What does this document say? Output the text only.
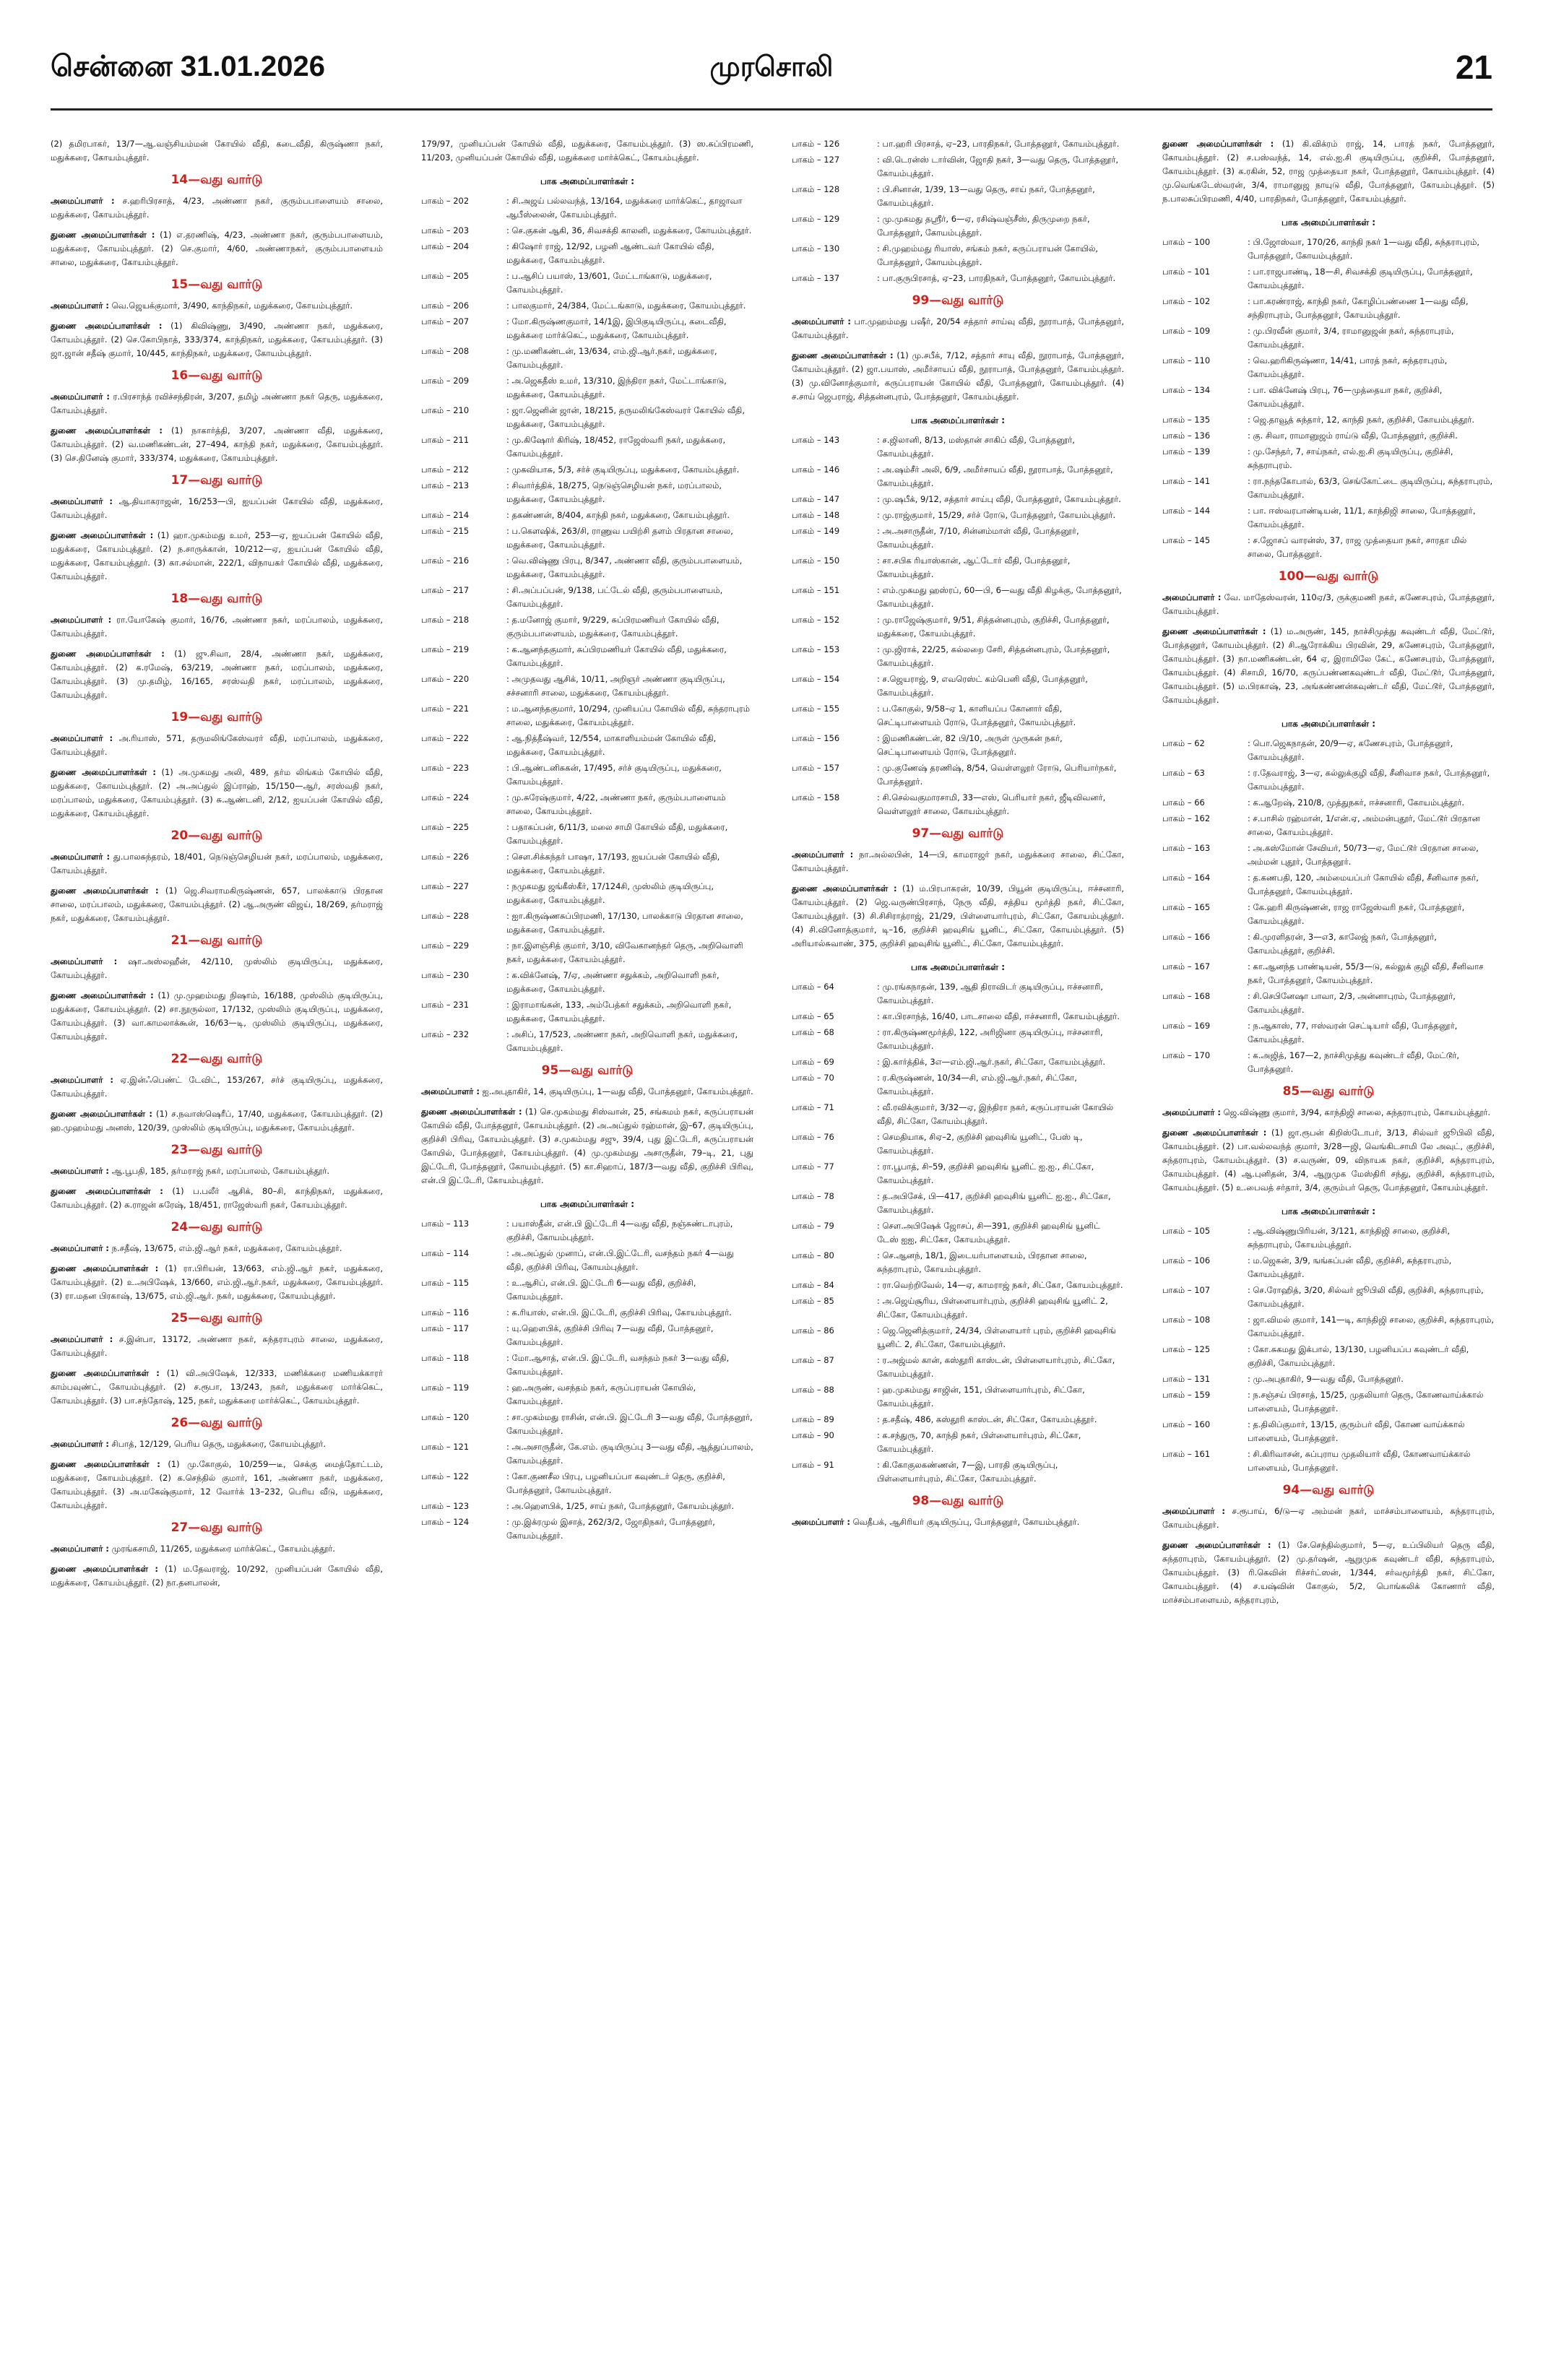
சென்னை 31.01.2026	முரசொலி	21

(2) தமிரபாகர், 13/7—ஆ.வஞ்சியம்மன் கோயில் வீதி, கடைவீதி, கிருஷ்ணா நகர், மதுக்கரை, கோயம்புத்தூர்.

14—வது வார்டு

அமைப்பாளர் : ச.ஹரிபிரசாத், 4/23, அண்ணா நகர், குரும்பபாளையம் சாலை, மதுக்கரை, கோயம்புத்தூர்.

துணை அமைப்பாளர்கள் : (1) எ.தரணிஷ், 4/23, அண்ணா நகர், குரும்பபாளையம், மதுக்கரை, கோயம்புத்தூர். (2) செ.குமார், 4/60, அண்ணாநகர், குரும்பபாளையம் சாலை, மதுக்கரை, கோயம்புத்தூர்.

15—வது வார்டு

அமைப்பாளர் : வெ.ஜெயக்குமார், 3/490, காந்திநகர், மதுக்கரை, கோயம்புத்தூர்.

துணை அமைப்பாளர்கள் : (1) கிவிஷ்ணு, 3/490, அண்ணா நகர், மதுக்கரை, கோயம்புத்தூர். (2) செ.கோபிநாத், 333/374, காந்திநகர், மதுக்கரை, கோயம்புத்தூர். (3) ஜா.ஜான் சதீஷ் குமார், 10/445, காந்திநகர், மதுக்கரை, கோயம்புத்தூர்.

16—வது வார்டு

அமைப்பாளர் : ர.பிரசாந்த் ரவிச்சந்திரன், 3/207, தமிழ் அண்ணா நகர் தெரு, மதுக்கரை, கோயம்புத்தூர்.

துணை அமைப்பாளர்கள் : (1) நாகார்த்தி, 3/207, அண்ணா வீதி, மதுக்கரை, கோயம்புத்தூர். (2) வ.மணிகண்டன், 27–494, காந்தி நகர், மதுக்கரை, கோயம்புத்தூர். (3) செ.தினேஷ் குமார், 333/374, மதுக்கரை, கோயம்புத்தூர்.

17—வது வார்டு

அமைப்பாளர் : ஆ.தியாகராஜன், 16/253—பி, ஐயப்பன் கோயில் வீதி, மதுக்கரை, கோயம்புத்தூர்.

துணை அமைப்பாளர்கள் : (1) ஹா.முகம்மது உமர், 253—ஏ, ஐயப்பன் கோயில் வீதி, மதுக்கரை, கோயம்புத்தூர். (2) ந.சாருக்கான், 10/212—ஏ, ஐயப்பன் கோயில் வீதி, மதுக்கரை, கோயம்புத்தூர். (3) கா.சல்மான், 222/1, விநாயகர் கோயில் வீதி, மதுக்கரை, கோயம்புத்தூர்.

18—வது வார்டு

அமைப்பாளர் : ரா.யோகேஷ் குமார், 16/76, அண்ணா நகர், மரப்பாலம், மதுக்கரை, கோயம்புத்தூர்.

துணை அமைப்பாளர்கள் : (1) ஜு.சிவா, 28/4, அண்ணா நகர், மதுக்கரை, கோயம்புத்தூர். (2) க.ரமேஷ், 63/219, அண்ணா நகர், மரப்பாலம், மதுக்கரை, கோயம்புத்தூர். (3) மு.தமிழ், 16/165, சரஸ்வதி நகர், மரப்பாலம், மதுக்கரை, கோயம்புத்தூர்.

19—வது வார்டு

அமைப்பாளர் : அ.ரியாஸ், 571, தருமலிங்கேஸ்வரர் வீதி, மரப்பாலம், மதுக்கரை, கோயம்புத்தூர்.

துணை அமைப்பாளர்கள் : (1) அ.முகமது அலி, 489, தர்ம லிங்கம் கோயில் வீதி, மதுக்கரை, கோயம்புத்தூர். (2) அ.அப்துல் இப்ராஹ், 15/150—ஆர், சரஸ்வதி நகர், மரப்பாலம், மதுக்கரை, கோயம்புத்தூர். (3) சு.ஆண்டனி, 2/12, ஐயப்பன் கோயில் வீதி, மதுக்கரை, கோயம்புத்தூர்.

20—வது வார்டு

அமைப்பாளர் : து.பாலசுந்தரம், 18/401, நெடுஞ்செழியன் நகர், மரப்பாலம், மதுக்கரை, கோயம்புத்தூர்.

துணை அமைப்பாளர்கள் : (1) ஜெ.சிவராமகிருஷ்ணன், 657, பாலக்காடு பிரதான சாலை, மரப்பாலம், மதுக்கரை, கோயம்புத்தூர். (2) ஆ.அருண் விஜய், 18/269, தர்மராஜ் நகர், மதுக்கரை, கோயம்புத்தூர்.

21—வது வார்டு

அமைப்பாளர் : ஷா.அஸ்லஹீன், 42/110, முஸ்லிம் குடியிருப்பு, மதுக்கரை, கோயம்புத்தூர்.

துணை அமைப்பாளர்கள் : (1) மு.முஹம்மது நிஷாம், 16/188, முஸ்லிம் குடியிருப்பு, மதுக்கரை, கோயம்புத்தூர். (2) சா.நூருல்லா, 17/132, முஸ்லிம் குடியிருப்பு, மதுக்கரை, கோயம்புத்தூர். (3) வா.காமலாக்கூன், 16/63—டி, முஸ்லிம் குடியிருப்பு, மதுக்கரை, கோயம்புத்தூர்.

22—வது வார்டு

அமைப்பாளர் : ஏ.இன்ஃபெண்ட் டேவிட், 153/267, சர்ச் குடியிருப்பு, மதுக்கரை, கோயம்புத்தூர்.

துணை அமைப்பாளர்கள் : (1) ச.நவாஸ்ஷெரீப், 17/40, மதுக்கரை, கோயம்புத்தூர். (2) ஹ.முஹம்மது அனஸ், 120/39, முஸ்லிம் குடியிருப்பு, மதுக்கரை, கோயம்புத்தூர்.

23—வது வார்டு

அமைப்பாளர் : ஆ.பூபதி, 185, தர்மராஜ் நகர், மரப்பாலம், கோயம்புத்தூர்.

துணை அமைப்பாளர்கள் : (1) ப.பலீர் ஆசிக், 80–சி, காந்திநகர், மதுக்கரை, கோயம்புத்தூர். (2) சு.ராஜன் சுரேஷ், 18/451, ராஜேஸ்வரி நகர், கோயம்புத்தூர்.

24—வது வார்டு

அமைப்பாளர் : ந.சதீஷ், 13/675, எம்.ஜி.ஆர் நகர், மதுக்கரை, கோயம்புத்தூர்.

துணை அமைப்பாளர்கள் : (1) ரா.பிரியன், 13/663, எம்.ஜி.ஆர் நகர், மதுக்கரை, கோயம்புத்தூர். (2) உ.அபிஷேக், 13/660, எம்.ஜி.ஆர்.நகர், மதுக்கரை, கோயம்புத்தூர். (3) ரா.மதன பிரகாஷ், 13/675, எம்.ஜி.ஆர். நகர், மதுக்கரை, கோயம்புத்தூர்.

25—வது வார்டு

அமைப்பாளர் : ச.இன்பா, 13172, அண்ணா நகர், சுந்தராபுரம் சாலை, மதுக்கரை, கோயம்புத்தூர்.

துணை அமைப்பாளர்கள் : (1) வி.அபிஷேக், 12/333, மணிக்கரை மணியக்காரர் காம்பவுண்ட், கோயம்புத்தூர். (2) ச.ரூபா, 13/243, நகர், மதுக்கரை மார்க்கெட், கோயம்புத்தூர். (3) பா.சந்தோஷ், 125, நகர், மதுக்கரை மார்க்கெட், கோயம்புத்தூர்.

26—வது வார்டு

அமைப்பாளர் : சிபாத், 12/129, பெரிய தெரு, மதுக்கரை, கோயம்புத்தூர்.

துணை அமைப்பாளர்கள் : (1) மு.கோகுல், 10/259—டீ, செக்கு மைத்தோட்டம், மதுக்கரை, கோயம்புத்தூர். (2) க.செந்தில் குமார், 161, அண்ணா நகர், மதுக்கரை, கோயம்புத்தூர். (3) அ.மகேஷ்குமார், 12 வோர்க் 13–232, பெரிய வீடு, மதுக்கரை, கோயம்புத்தூர்.

27—வது வார்டு

அமைப்பாளர் : முரங்கசாமி, 11/265, மதுக்கரை மார்க்கெட், கோயம்புத்தூர்.

துணை அமைப்பாளர்கள் : (1) ம.தேவராஜ், 10/292, முனியப்பன் கோயில் வீதி, மதுக்கரை, கோயம்புத்தூர். (2) நா.தனபாலன்,

179/97, முனியப்பன் கோயில் வீதி, மதுக்கரை, கோயம்புத்தூர். (3) ஸ.சுப்பிரமணி, 11/203, முனியப்பன் கோயில் வீதி, மதுக்கரை மார்க்கெட், கோயம்புத்தூர்.

பாக அமைப்பாளர்கள் :
பாகம் – 202	: சி.அஜய் பல்லவந்த், 13/164, மதுக்கரை மார்க்கெட், தாஜாவா ஆபீஸ்லைன், கோயம்புத்தூர்.
பாகம் – 203	: செ.குகன் ஆகி, 36, சிவசக்தி காலனி, மதுக்கரை, கோயம்புத்தூர்.
பாகம் – 204	: கிஷோர் ராஜ், 12/92, பழனி ஆண்டவர் கோயில் வீதி, மதுக்கரை, கோயம்புத்தூர்.
பாகம் – 205	: ப.ஆசிப் பயாஸ், 13/601, மேட்டாங்காடு, மதுக்கரை, கோயம்புத்தூர்.
பாகம் – 206	: பாலகுமார், 24/384, மேட்டங்காடு, மதுக்கரை, கோயம்புத்தூர்.
பாகம் – 207	: மோ.கிருஷ்ணகுமார், 14/1இ, இபிகுடியிருப்பு, கடைவீதி, மதுக்கரை மார்க்கெட், மதுக்கரை, கோயம்புத்தூர்.
பாகம் – 208	: மு.மணிகண்டன், 13/634, எம்.ஜி.ஆர்.நகர், மதுக்கரை, கோயம்புத்தூர்.
பாகம் – 209	: அ.ஜெகதீஸ் உமர், 13/310, இந்திரா நகர், மேட்டாங்காடு, மதுக்கரை, கோயம்புத்தூர்.
பாகம் – 210	: ஜா.ஜெனின் ஜான், 18/215, தருமலிங்கேஸ்வரர் கோயில் வீதி, மதுக்கரை, கோயம்புத்தூர்.
பாகம் – 211	: மு.கிஷோர் கிரிஷ், 18/452, ராஜேஸ்வரி நகர், மதுக்கரை, கோயம்புத்தூர்.
பாகம் – 212	: முகவியாசு, 5/3, சர்ச் குடியிருப்பு, மதுக்கரை, கோயம்புத்தூர்.
பாகம் – 213	: சிவார்த்திக், 18/275, நெடுஞ்செழியன் நகர், மரப்பாலம், மதுக்கரை, கோயம்புத்தூர்.
பாகம் – 214	: தகண்ணன், 8/404, காந்தி நகர், மதுக்கரை, கோயம்புத்தூர்.
பாகம் – 215	: ப.கௌஷிக், 263/சி, ராணுவ பயிற்சி தளம் பிரதான சாலை, மதுக்கரை, கோயம்புத்தூர்.
பாகம் – 216	: வெ.விஷ்ணு பிரபு, 8/347, அண்ணா வீதி, குரும்பபாளையம், மதுக்கரை, கோயம்புத்தூர்.
பாகம் – 217	: சி.அப்பப்பன், 9/138, பட்டேல் வீதி, குரும்பபாளையம், கோயம்புத்தூர்.
பாகம் – 218	: த.மனோஜ் குமார், 9/229, சுப்பிரமணியர் கோயில் வீதி, குரும்பபாளையம், மதுக்கரை, கோயம்புத்தூர்.
பாகம் – 219	: க.ஆனந்தகுமார், சுப்பிரமணியர் கோயில் வீதி, மதுக்கரை, கோயம்புத்தூர்.
பாகம் – 220	: அமுதவது ஆசிக், 10/11, அறிஞர் அண்ணா குடியிருப்பு, சச்சனாரி சாலை, மதுக்கரை, கோயம்புத்தூர்.
பாகம் – 221	: ம.ஆனந்தகுமார், 10/294, முனியப்ப கோயில் வீதி, சுந்தராபுரம் சாலை, மதுக்கரை, கோயம்புத்தூர்.
பாகம் – 222	: ஆ.நித்தீஷ்வர், 12/554, மாகாளியம்மன் கோயில் வீதி, மதுக்கரை, கோயம்புத்தூர்.
பாகம் – 223	: பி.ஆண்டனிசுகன், 17/495, சர்ச் குடியிருப்பு, மதுக்கரை, கோயம்புத்தூர்.
பாகம் – 224	: மு.சுரேஷ்குமார், 4/22, அண்ணா நகர், குரும்பபாளையம் சாலை, கோயம்புத்தூர்.
பாகம் – 225	: பதாகப்பன், 6/11/3, மலை சாமி கோயில் வீதி, மதுக்கரை, கோயம்புத்தூர்.
பாகம் – 226	: சௌ.சிக்கந்தர் பாஷா, 17/193, ஐயப்பன் கோயில் வீதி, மதுக்கரை, கோயம்புத்தூர்.
பாகம் – 227	: நமுகமது ஜங்கீஸ்கீர், 17/124சி, முஸ்லிம் குடியிருப்பு, மதுக்கரை, கோயம்புத்தூர்.
பாகம் – 228	: ஐா.கிருஷ்ணசுப்பிரமணி, 17/130, பாலக்காடு பிரதான சாலை, மதுக்கரை, கோயம்புத்தூர்.
பாகம் – 229	: நா.இளஞ்சித் குமார், 3/10, விவேகானந்தர் தெரு, அறிவொளி நகர், மதுக்கரை, கோயம்புத்தூர்.
பாகம் – 230	: க.விக்னேஷ், 7/ஏ, அண்ணா சதுக்கம், அறிவொளி நகர், மதுக்கரை, கோயம்புத்தூர்.
பாகம் – 231	: இராமாங்கன், 133, அம்பேத்கர் சதுக்கம், அறிவொளி நகர், மதுக்கரை, கோயம்புத்தூர்.
பாகம் – 232	: அசிப், 17/523, அண்ணா நகர், அறிவொளி நகர், மதுக்கரை, கோயம்புத்தூர்.
95—வது வார்டு

அமைப்பாளர் : ஐ.அபுதாகிர், 14, குடியிருப்பு, 1—வது வீதி, போத்தனூர், கோயம்புத்தூர்.

துணை அமைப்பாளர்கள் : (1) செ.முகம்மது சிஸ்வான், 25, சங்கமம் நகர், கருப்பராயன் கோயில் வீதி, போத்தனூர், கோயம்புத்தூர். (2) அ.அப்துல் ரஹ்மான், இ–67, குடியிருப்பு, குறிச்சி பிரிவு, கோயம்புத்தூர். (3) ச.முகம்மது சஜு, 39/4, புது இட்டேரி, கருப்பராயன் கோயில், போத்தனூர், கோயம்புத்தூர். (4) மு.முகம்மது அசாருதீன், 79–டி, 21, புது இட்டேரி, போத்தனூர், கோயம்புத்தூர். (5) கா.சிஹாப், 187/3—வது வீதி, குறிச்சி பிரிவு, என்.பி இட்டேரி, கோயம்புத்தூர்.

பாக அமைப்பாளர்கள் :
பாகம் – 113	: பயாஸ்தீன், என்.பி இட்டேரி 4—வது வீதி, நஞ்சுண்டாபுரம், குறிச்சி, கோயம்புத்தூர்.
பாகம் – 114	: அ.அப்துல் முனாப், என்.பி.இட்டேரி, வசந்தம் நகர் 4—வது வீதி, குறிச்சி பிரிவு, கோயம்புத்தூர்.
பாகம் – 115	: உ.ஆசிப், என்.பி. இட்டேரி 6—வது வீதி, குறிச்சி, கோயம்புத்தூர்.
பாகம் – 116	: க.ரியாஸ், என்.பி. இட்டேரி, குறிச்சி பிரிவு, கோயம்புத்தூர்.
பாகம் – 117	: யு.ஹௌபிக், குறிச்சி பிரிவு 7—வது வீதி, போத்தனூர், கோயம்புத்தூர்.
பாகம் – 118	: மோ.ஆசாத், என்.பி. இட்டேரி, வசந்தம் நகர் 3—வது வீதி, கோயம்புத்தூர்.
பாகம் – 119	: ஹ.அருண், வசந்தம் நகர், கருப்பராயன் கோயில், கோயம்புத்தூர்.
பாகம் – 120	: சா.முகம்மது ராசின், என்.பி. இட்டேரி 3—வது வீதி, போத்தனூர், கோயம்புத்தூர்.
பாகம் – 121	: அ.அசாருதீன், கே.எம். குடியிருப்பு 3—வது வீதி, ஆத்துப்பாலம், கோயம்புத்தூர்.
பாகம் – 122	: கோ.குணசீல பிரபு, பழனியப்பா கவுண்டர் தெரு, குறிச்சி, போத்தனூர், கோயம்புத்தூர்.
பாகம் – 123	: அ.ஹௌபிக், 1/25, சாய் நகர், போத்தனூர், கோயம்புத்தூர்.
பாகம் – 124	: மு.இக்ரமுல் இசாத், 262/3/2, ஜோதிநகர், போத்தனூர், கோயம்புத்தூர்.
பாகம் – 126	: பா.ஹரி பிரசாத், ஏ–23, பாரதிநகர், போத்தனூர், கோயம்புத்தூர்.
பாகம் – 127	: வி.டெரன்ஸ் டார்வின், ஜோதி நகர், 3—வது தெரு, போத்தனூர், கோயம்புத்தூர்.
பாகம் – 128	: பி.சினான், 1/39, 13—வது தெரு, சாய் நகர், போத்தனூர், கோயம்புத்தூர்.
பாகம் – 129	: மு.முகமது தஸ்ரீர், 6—ஏ, ரசிஷ்வஞ்சீஸ், திருமுறை நகர், போத்தனூர், கோயம்புத்தூர்.
பாகம் – 130	: சி.முஹம்மது ரியாஸ், சங்கம் நகர், கருப்பராயன் கோயில், போத்தனூர், கோயம்புத்தூர்.
பாகம் – 137	: பா.குருபிரசாத், ஏ–23, பாரதிநகர், போத்தனூர், கோயம்புத்தூர்.
99—வது வார்டு

அமைப்பாளர் : பா.முஹம்மது பஷீர், 20/54 சத்தார் சாய்வு வீதி, நூராபாத், போத்தனூர், கோயம்புத்தூர்.

துணை அமைப்பாளர்கள் : (1) மு.சபீக், 7/12, சத்தார் சாயு வீதி, நூராபாத், போத்தனூர், கோயம்புத்தூர். (2) ஜா.பயாஸ், அமீர்சாயப் வீதி, நூராபாத், போத்தனூர், கோயம்புத்தூர். (3) மு.வினோத்குமார், கருப்பராயன் கோயில் வீதி, போத்தனூர், கோயம்புத்தூர். (4) ச.சாய் ஜெபராஜ், சித்தன்னபுரம், போத்தனூர், கோயம்புத்தூர்.

பாக அமைப்பாளர்கள் :
பாகம் – 143	: ச.ஜிலானி, 8/13, மஸ்தான் சாகிப் வீதி, போத்தனூர், கோயம்புத்தூர்.
பாகம் – 146	: அ.ஷம்சீர் அலி, 6/9, அமீர்சாயப் வீதி, நூராபாத், போத்தனூர், கோயம்புத்தூர்.
பாகம் – 147	: மு.ஷபீக், 9/12, சத்தார் சாய்பு வீதி, போத்தனூர், கோயம்புத்தூர்.
பாகம் – 148	: மு.ராஜ்குமார், 15/29, சர்ச் ரோடு, போத்தனூர், கோயம்புத்தூர்.
பாகம் – 149	: அ.அசாருதீன், 7/10, சின்னம்மாள் வீதி, போத்தனூர், கோயம்புத்தூர்.
பாகம் – 150	: சா.சபிக ரியாஸ்கான், ஆட்டோர் வீதி, போத்தனூர், கோயம்புத்தூர்.
பாகம் – 151	: எம்.முகமது ஹஸ்ரப், 60—பி, 6—வது வீதி கிழக்கு, போத்தனூர், கோயம்புத்தூர்.
பாகம் – 152	: மு.ராஜேஷ்குமார், 9/51, சித்தன்னபுரம், குறிச்சி, போத்தனூர், மதுக்கரை, கோயம்புத்தூர்.
பாகம் – 153	: மு.ஜிராக், 22/25, கல்லறை சேரி, சித்தன்னபுரம், போத்தனூர், கோயம்புத்தூர்.
பாகம் – 154	: ச.ஜெயராஜ், 9, எவரெஸ்ட் கம்பெனி வீதி, போத்தனூர், கோயம்புத்தூர்.
பாகம் – 155	: ப.கோகுல், 9/58–ஏ 1, காளியப்ப கோனார் வீதி, செட்டிபாளையம் ரோடு, போத்தனூர், கோயம்புத்தூர்.
பாகம் – 156	: இமணிகண்டன், 82 பி/10, அருள் முருகன் நகர், செட்டிபாளையம் ரோடு, போத்தனூர்.
பாகம் – 157	: மு.குணேஷ் தரணிஷ், 8/54, வெள்ளலூர் ரோடு, பெரியார்நகர், போத்தனூர்.
பாகம் – 158	: சி.செல்வகுமாரசாமி, 33—எஸ், பெரியார் நகர், ஜீடிவிவனர், வெள்ளலூர் சாலை, கோயம்புத்தூர்.
97—வது வார்டு

அமைப்பாளர் : நா.அல்லபின், 14—பி, காமராஜர் நகர், மதுக்கரை சாலை, சிட்கோ, கோயம்புத்தூர்.

துணை அமைப்பாளர்கள் : (1) ம.பிரபாகரன், 10/39, பியூன் குடியிருப்பு, ஈச்சனாரி, கோயம்புத்தூர். (2) ஜெ.வருண்பிரசாந், நேரு வீதி, சத்திய மூர்த்தி நகர், சிட்கோ, கோயம்புத்தூர். (3) சி.சிசிராத்ராஜ், 21/29, பிள்ளையார்புரம், சிட்கோ, கோயம்புத்தூர். (4) சி.வினோத்குமார், டி–16, குறிச்சி ஹவுசிங் யூனிட், சிட்கோ, கோயம்புத்தூர். (5) அரியால்சுவாண், 375, குறிச்சி ஹவுசிங் யூனிட், சிட்கோ, கோயம்புத்தூர்.

பாக அமைப்பாளர்கள் :
பாகம் – 64	: மு.ரங்கநாதன், 139, ஆதி திராவிடர் குடியிருப்பு, ஈச்சனாரி, கோயம்புத்தூர்.
பாகம் – 65	: கா.பிரசாந்த், 16/40, பாடசாலை வீதி, ஈச்சனாரி, கோயம்புத்தூர்.
பாகம் – 68	: ரா.கிருஷ்ணமூர்த்தி, 122, அரிஜினா குடியிருப்பு, ஈச்சனாரி, கோயம்புத்தூர்.
பாகம் – 69	: இ.கார்த்திக், 3எ—எம்.ஜி.ஆர்.நகர், சிட்கோ, கோயம்புத்தூர்.
பாகம் – 70	: ர.கிருஷ்ணன், 10/34—சி, எம்.ஜி.ஆர்.நகர், சிட்கோ, கோயம்புத்தூர்.
பாகம் – 71	: வீ.ரவிக்குமார், 3/32—ஏ, இந்திரா நகர், கருப்பராயன் கோயில் வீதி, சிட்கோ, கோயம்புத்தூர்.
பாகம் – 76	: செமதியாசு, சிஏ–2, குறிச்சி ஹவுசிங் யூனிட், பேஸ் டி, கோயம்புத்தூர்.
பாகம் – 77	: ரா.பூபாத், சி–59, குறிச்சி ஹவுசிங் யூனிட் ஐ.ஐ., சிட்கோ, கோயம்புத்தூர்.
பாகம் – 78	: த.அபிசேக், பி—417, குறிச்சி ஹவுசிங் யூனிட் ஐ.ஐ., சிட்கோ, கோயம்புத்தூர்.
பாகம் – 79	: சௌ.அபிஷேக் ஜோசப், சி—391, குறிச்சி ஹவுசிங் யூனிட் டேஸ் ஐஐ, சிட்கோ, கோயம்புத்தூர்.
பாகம் – 80	: செ.ஆனந், 18/1, இடையர்பாளையம், பிரதான சாலை, சுந்தராபுரம், கோயம்புத்தூர்.
பாகம் – 84	: ரா.வெற்றிவேல், 14—ஏ, காமராஜ் நகர், சிட்கோ, கோயம்புத்தூர்.
பாகம் – 85	: அ.ஜெய்சூரிய, பிள்ளையார்புரம், குறிச்சி ஹவுசிங் யூனிட் 2, சிட்கோ, கோயம்புத்தூர்.
பாகம் – 86	: ஜெ.ஜெனித்குமார், 24/34, பிள்ளையார் புரம், குறிச்சி ஹவுசிங் யூனிட் 2, சிட்கோ, கோயம்புத்தூர்.
பாகம் – 87	: ர.அஜ்மல் கான், கஸ்தூரி காஸ்டன், பிள்ளையார்புரம், சிட்கோ, கோயம்புத்தூர்.
பாகம் – 88	: ஹ.முகம்மது சாஜின், 151, பிள்ளையார்புரம், சிட்கோ, கோயம்புத்தூர்.
பாகம் – 89	: த.சதீஷ், 486, கஸ்தூரி காஸ்டன், சிட்கோ, கோயம்புத்தூர்.
பாகம் – 90	: க.சந்துரு, 70, காந்தி நகர், பிள்ளையார்புரம், சிட்கோ, கோயம்புத்தூர்.
பாகம் – 91	: கி.கோகுலகண்ணன், 7—இ, பாரதி குடியிருப்பு, பிள்ளையார்புரம், சிட்கோ, கோயம்புத்தூர்.
98—வது வார்டு

அமைப்பாளர் : வெதீபக், ஆசிரியர் குடியிருப்பு, போத்தனூர், கோயம்புத்தூர்.

துணை அமைப்பாளர்கள் : (1) கி.விக்ரம் ராஜ், 14, பாரத் நகர், போத்தனூர், கோயம்புத்தூர். (2) ச.பஸ்வந்த், 14, எல்.ஐ.சி குடியிருப்பு, குறிச்சி, போத்தனூர், கோயம்புத்தூர். (3) க.ரகின், 52, ராஜ முத்தையா நகர், போத்தனூர், கோயம்புத்தூர். (4) மு.வெங்கடேஸ்வரன், 3/4, ராமானுஜ நாயுடு வீதி, போத்தனூர், கோயம்புத்தூர். (5) ந.பாலசுப்பிரமணி, 4/40, பாரதிநகர், போத்தனூர், கோயம்புத்தூர்.

பாக அமைப்பாளர்கள் :
பாகம் – 100	: பி.ஜோஸ்வா, 170/26, காந்தி நகர் 1—வது வீதி, சுந்தராபுரம், போத்தனூர், கோயம்புத்தூர்.
பாகம் – 101	: பா.ராஜபாண்டி, 18—சி, சிவசக்தி குடியிருப்பு, போத்தனூர், கோயம்புத்தூர்.
பாகம் – 102	: பா.கரண்ராஜ், காந்தி நகர், கோழிப்பண்ணை 1—வது வீதி, சந்திராபுரம், போத்தனூர், கோயம்புத்தூர்.
பாகம் – 109	: மு.பிரவீன் குமார், 3/4, ராமானுஜன் நகர், சுந்தராபுரம், கோயம்புத்தூர்.
பாகம் – 110	: வெ.ஹரிகிருஷ்ணா, 14/41, பாரத் நகர், சுந்தராபுரம், கோயம்புத்தூர்.
பாகம் – 134	: பா. விக்னேஷ் பிரபு, 76—முத்தையா நகர், குறிச்சி, கோயம்புத்தூர்.
பாகம் – 135	: ஜெ.தாவூத் சுந்தார், 12, காந்தி நகர், குறிச்சி, கோயம்புத்தூர்.
பாகம் – 136	: கு. சிவா, ராமானுஜம் ராய்டு வீதி, போத்தனூர், குறிச்சி.
பாகம் – 139	: மு.சேந்தர், 7, சாய்நகர், எல்.ஐ.சி குடியிருப்பு, குறிச்சி, சுந்தராபுரம்.
பாகம் – 141	: ரா.நந்தகோபால், 63/3, செங்கோட்டை குடியிருப்பு, சுந்தராபுரம், கோயம்புத்தூர்.
பாகம் – 144	: பா. ஈஸ்வரபாண்டியன், 11/1, காந்திஜி சாலை, போத்தனூர், கோயம்புத்தூர்.
பாகம் – 145	: ச.ஜோசப் வாரன்ஸ், 37, ராஜ முத்தையா நகர், சாரதா மில் சாலை, போத்தனூர்.
100—வது வார்டு

அமைப்பாளர் : வே. மாதேஸ்வரன், 110ஏ/3, ருக்குமணி நகர், கணேசபுரம், போத்தனூர், கோயம்புத்தூர்.

துணை அமைப்பாளர்கள் : (1) ம.அருண், 145, நாச்சிமுத்து கவுண்டர் வீதி, மேட்டூர், போத்தனூர், கோயம்புத்தூர். (2) சி.ஆரோக்கிய பிரவின், 29, கணேசபுரம், போத்தனூர், கோயம்புத்தூர். (3) நா.மணிகண்டன், 64 ஏ, இராமிலே கேட், கணேசபுரம், போத்தனூர், கோயம்புத்தூர். (4) சிசாமி, 16/70, கருப்பண்ணகவுண்டர் வீதி, மேட்டூர், போத்தனூர், கோயம்புத்தூர். (5) ம.பிரகாஷ், 23, அங்கண்ணன்கவுண்டர் வீதி, மேட்டூர், போத்தனூர், கோயம்புத்தூர்.

பாக அமைப்பாளர்கள் :
பாகம் – 62	: பொ.ஜெகநாதன், 20/9—ஏ, கணேசபுரம், போத்தனூர், கோயம்புத்தூர்.
பாகம் – 63	: ர.தேவராஜ், 3—ஏ, கல்லுக்குழி வீதி, சீனிவாச நகர், போத்தனூர், கோயம்புத்தூர்.
பாகம் – 66	: க.ஆறேஷ், 210/8, முத்துநகர், ஈச்சனாரி, கோயம்புத்தூர்.
பாகம் – 162	: ச.பாசில் ரஹ்மான், 1/என்.ஏ, அம்மன்புதூர், மேட்டூர் பிரதான சாலை, கோயம்புத்தூர்.
பாகம் – 163	: அ.கஸ்மோன் சேவியர், 50/73—ஏ, மேட்டூர் பிரதான சாலை, அம்மன் புதூர், போத்தனூர்.
பாகம் – 164	: த.கணபதி, 120, அம்மையப்பர் கோயில் வீதி, சீனிவாச நகர், போத்தனூர், கோயம்புத்தூர்.
பாகம் – 165	: கே.ஹரி கிருஷ்ணன், ராஜ ராஜேஸ்வரி நகர், போத்தனூர், கோயம்புத்தூர்.
பாகம் – 166	: கி.முரளிதரன், 3—எ3, காலேஜ் நகர், போத்தனூர், கோயம்புத்தூர், குறிச்சி.
பாகம் – 167	: கா.ஆனந்த பாண்டியன், 55/3—டு, கல்லுக் குழி வீதி, சீனிவாச நகர், போத்தனூர், கோயம்புத்தூர்.
பாகம் – 168	: சி.செபினேஷா பாவா, 2/3, அன்னாபுரம், போத்தனூர், கோயம்புத்தூர்.
பாகம் – 169	: ந.ஆகாஸ், 77, ஈஸ்வரன் செட்டியார் வீதி, போத்தனூர், கோயம்புத்தூர்.
பாகம் – 170	: க.அஜித், 167—2, நாச்சிமுத்து கவுண்டர் வீதி, மேட்டூர், போத்தனூர்.
85—வது வார்டு

அமைப்பாளர் : ஜெ.விஷ்ணு குமார், 3/94, காந்திஜி சாலை, சுந்தராபுரம், கோயம்புத்தூர்.

துணை அமைப்பாளர்கள் : (1) ஜா.ரூபன் கிறிஸ்டோபர், 3/13, சில்வர் ஜூபிலி வீதி, கோயம்புத்தூர். (2) பா.வல்லவந்த் குமார், 3/28—ஜி, வெங்கிடசாமி லே அவுட், குறிச்சி, சுந்தராபுரம், கோயம்புத்தூர். (3) ச.வருண், 09, விநாயக நகர், குறிச்சி, சுந்தராபுரம், கோயம்புத்தூர். (4) ஆ.புனிதன், 3/4, ஆறுமுக மேஸ்திரி சந்து, குறிச்சி, சுந்தராபுரம், கோயம்புத்தூர். (5) உ.பைவத் சர்தார், 3/4, குரும்பர் தெரு, போத்தனூர், கோயம்புத்தூர்.

பாக அமைப்பாளர்கள் :
பாகம் – 105	: ஆ.விஷ்ணுபிரியன், 3/121, காந்திஜி சாலை, குறிச்சி, சுந்தராபுரம், கோயம்புத்தூர்.
பாகம் – 106	: ம.ஜெகன், 3/9, ஙங்கப்பன் வீதி, குறிச்சி, சுந்தராபுரம், கோயம்புத்தூர்.
பாகம் – 107	: செ.ரோஹித், 3/20, சில்வர் ஜூபிலி வீதி, குறிச்சி, சுந்தராபுரம், கோயம்புத்தூர்.
பாகம் – 108	: ஜா.விமல் குமார், 141—டி, காந்திஜி சாலை, குறிச்சி, சுந்தராபுரம், கோயம்புத்தூர்.
பாகம் – 125	: கோ.சுகமது இக்பால், 13/130, பழனியப்ப கவுண்டர் வீதி, குறிச்சி, கோயம்புத்தூர்.
பாகம் – 131	: மு.அபுதாகிர், 9—வது வீதி, போத்தனூர்.
பாகம் – 159	: ந.சஞ்சய் பிரசாத், 15/25, முதலியார் தெரு, கோணவாய்க்கால் பாளையம், போத்தனூர்.
பாகம் – 160	: த.திலிப்குமார், 13/15, குரும்பர் வீதி, கோண வாய்க்கால் பாளையம், போத்தனூர்.
பாகம் – 161	: சி.கிரிவாசன், சுப்புராய முதலியார் வீதி, கோணவாய்க்கால் பாளையம், போத்தனூர்.
94—வது வார்டு

அமைப்பாளர் : ச.ரூபாய், 6/டு—ஏ அம்மன் நகர், மாச்சம்பாளையம், சுந்தராபுரம், கோயம்புத்தூர்.

துணை அமைப்பாளர்கள் : (1) சே.செந்தில்குமார், 5—ஏ, உப்பிலியர் தெரு வீதி, சுந்தராபுரம், கோயம்புத்தூர். (2) மு.தர்ஷன், ஆறுமுக கவுண்டர் வீதி, சுந்தராபுரம், கோயம்புத்தூர். (3) ரி.கெவின் ரிச்சர்ட்ஸன், 1/344, சர்வமூர்த்தி நகர், சிட்கோ, கோயம்புத்தூர். (4) ச.யஷ்வின் கோகுல், 5/2, பொங்கலிக் கோணார் வீதி, மாச்சம்பாளையம், சுந்தராபுரம்,
